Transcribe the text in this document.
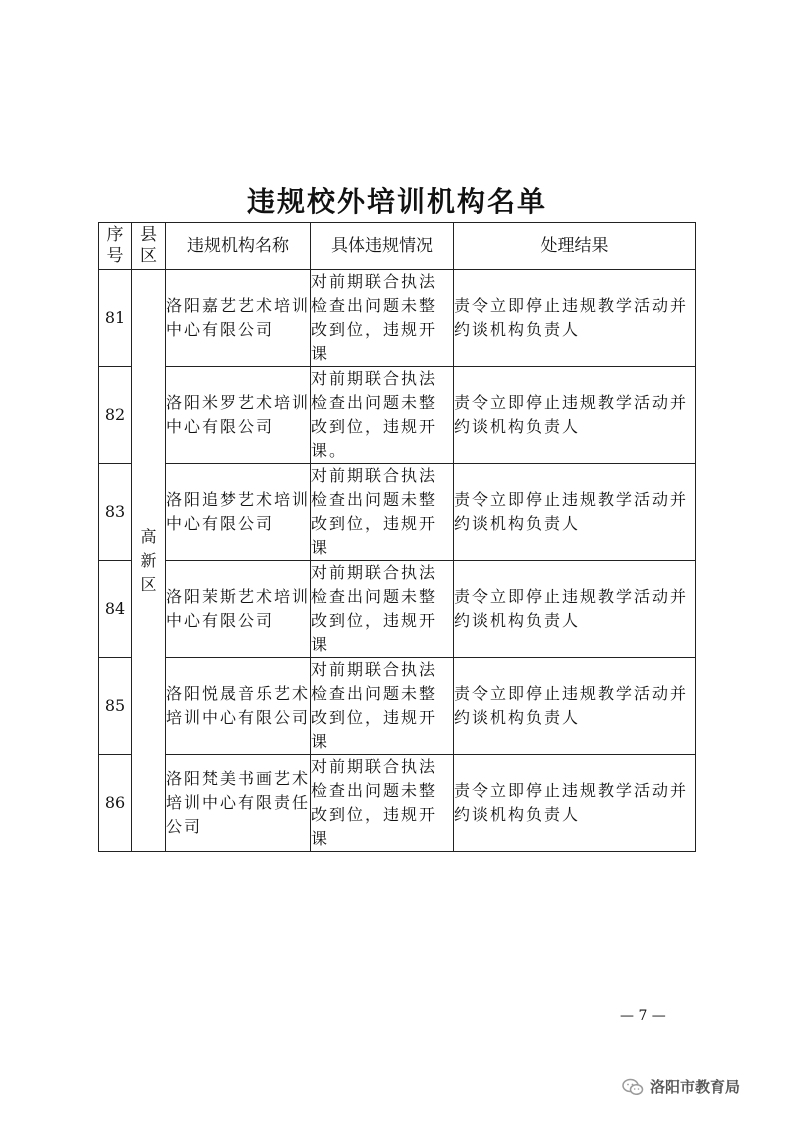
违规校外培训机构名单
序号	县区	违规机构名称	具体违规情况	处理结果
81	高新区	洛阳嘉艺艺术培训中心有限公司	对前期联合执法检查出问题未整改到位，违规开课	责令立即停止违规教学活动并约谈机构负责人
82		洛阳米罗艺术培训中心有限公司	对前期联合执法检查出问题未整改到位，违规开课。	责令立即停止违规教学活动并约谈机构负责人
83		洛阳追梦艺术培训中心有限公司	对前期联合执法检查出问题未整改到位，违规开课	责令立即停止违规教学活动并约谈机构负责人
84		洛阳茉斯艺术培训中心有限公司	对前期联合执法检查出问题未整改到位，违规开课	责令立即停止违规教学活动并约谈机构负责人
85		洛阳悦晟音乐艺术培训中心有限公司	对前期联合执法检查出问题未整改到位，违规开课	责令立即停止违规教学活动并约谈机构负责人
86		洛阳梵美书画艺术培训中心有限责任公司	对前期联合执法检查出问题未整改到位，违规开课	责令立即停止违规教学活动并约谈机构负责人
— 7 —
洛阳市教育局
